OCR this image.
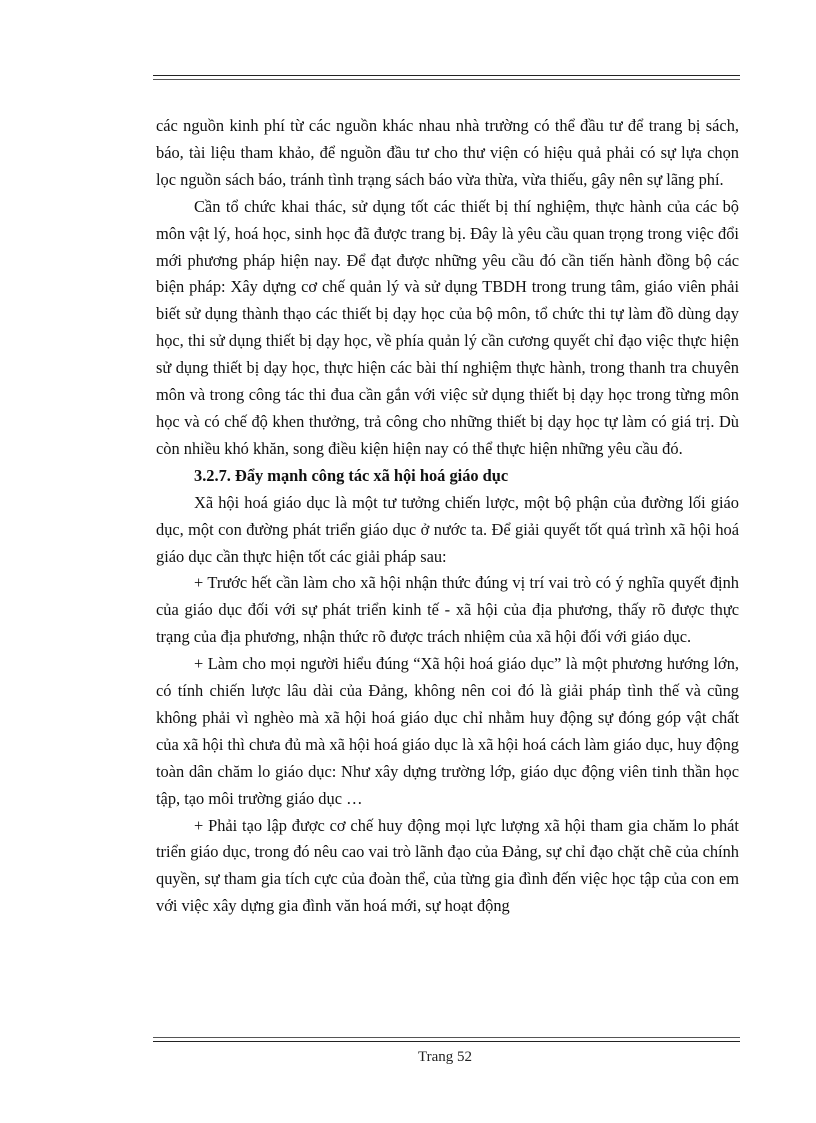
các nguồn kinh phí từ các nguồn khác nhau nhà trường có thể đầu tư để trang bị sách, báo, tài liệu tham khảo, để nguồn đầu tư cho thư viện có hiệu quả phải có sự lựa chọn lọc nguồn sách báo, tránh tình trạng sách báo vừa thừa, vừa thiếu, gây nên sự lãng phí.

Cần tổ chức khai thác, sử dụng tốt các thiết bị thí nghiệm, thực hành của các bộ môn vật lý, hoá học, sinh học đã được trang bị. Đây là yêu cầu quan trọng trong việc đổi mới phương pháp hiện nay. Để đạt được những yêu cầu đó cần tiến hành đồng bộ các biện pháp: Xây dựng cơ chế quản lý và sử dụng TBDH trong trung tâm, giáo viên phải biết sử dụng thành thạo các thiết bị dạy học của bộ môn, tổ chức thi tự làm đồ dùng dạy học, thi sử dụng thiết bị dạy học, về phía quản lý cần cương quyết chỉ đạo việc thực hiện sử dụng thiết bị dạy học, thực hiện các bài thí nghiệm thực hành, trong thanh tra chuyên môn và trong công tác thi đua cần gắn với việc sử dụng thiết bị dạy học trong từng môn học và có chế độ khen thưởng, trả công cho những thiết bị dạy học tự làm có giá trị. Dù còn nhiều khó khăn, song điều kiện hiện nay có thể thực hiện những yêu cầu đó.

3.2.7. Đẩy mạnh công tác xã hội hoá giáo dục

Xã hội hoá giáo dục là một tư tưởng chiến lược, một bộ phận của đường lối giáo dục, một con đường phát triển giáo dục ở nước ta. Để giải quyết tốt quá trình xã hội hoá giáo dục cần thực hiện tốt các giải pháp sau:

+ Trước hết cần làm cho xã hội nhận thức đúng vị trí vai trò có ý nghĩa quyết định của giáo dục đối với sự phát triển kinh tế - xã hội của địa phương, thấy rõ được thực trạng của địa phương, nhận thức rõ được trách nhiệm của xã hội đối với giáo dục.

+ Làm cho mọi người hiểu đúng “Xã hội hoá giáo dục” là một phương hướng lớn, có tính chiến lược lâu dài của Đảng, không nên coi đó là giải pháp tình thế và cũng không phải vì nghèo mà xã hội hoá giáo dục chỉ nhằm huy động sự đóng góp vật chất của xã hội thì chưa đủ mà xã hội hoá giáo dục là xã hội hoá cách làm giáo dục, huy động toàn dân chăm lo giáo dục: Như xây dựng trường lớp, giáo dục động viên tinh thần học tập, tạo môi trường giáo dục …

+ Phải tạo lập được cơ chế huy động mọi lực lượng xã hội tham gia chăm lo phát triển giáo dục, trong đó nêu cao vai trò lãnh đạo của Đảng, sự chỉ đạo chặt chẽ của chính quyền, sự tham gia tích cực của đoàn thể, của từng gia đình đến việc học tập của con em với việc xây dựng gia đình văn hoá mới, sự hoạt động

Trang 52
